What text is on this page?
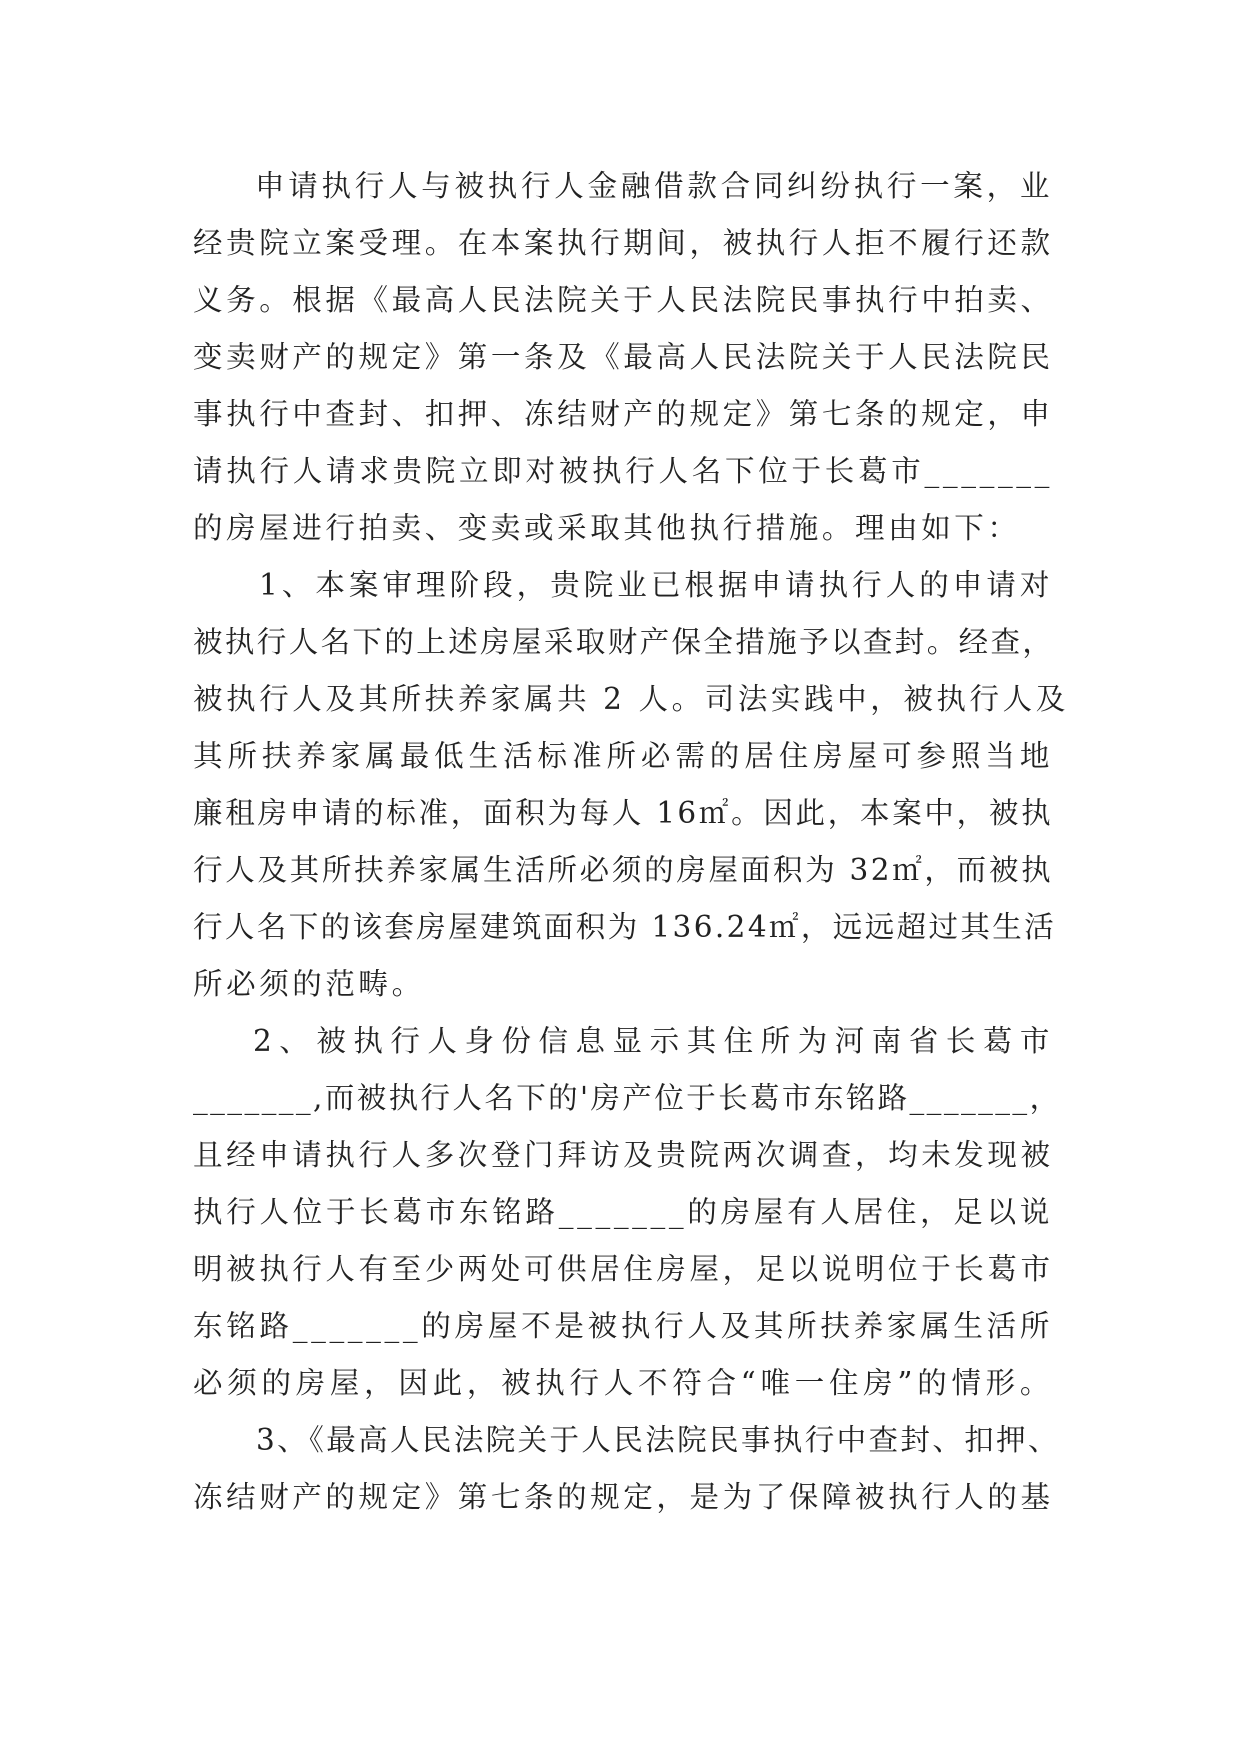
申请执行人与被执行人金融借款合同纠纷执行一案，业
经贵院立案受理。在本案执行期间，被执行人拒不履行还款
义务。根据《最高人民法院关于人民法院民事执行中拍卖、
变卖财产的规定》第一条及《最高人民法院关于人民法院民
事执行中查封、扣押、冻结财产的规定》第七条的规定，申
请执行人请求贵院立即对被执行人名下位于长葛市_______
的房屋进行拍卖、变卖或采取其他执行措施。理由如下：
1、本案审理阶段，贵院业已根据申请执行人的申请对
被执行人名下的上述房屋采取财产保全措施予以查封。经查，
被执行人及其所扶养家属共 2 人。司法实践中，被执行人及
其所扶养家属最低生活标准所必需的居住房屋可参照当地
廉租房申请的标准，面积为每人 16㎡。因此，本案中，被执
行人及其所扶养家属生活所必须的房屋面积为 32㎡，而被执
行人名下的该套房屋建筑面积为 136.24㎡，远远超过其生活
所必须的范畴。
2、被执行人身份信息显示其住所为河南省长葛市
_______,而被执行人名下的'房产位于长葛市东铭路_______，
且经申请执行人多次登门拜访及贵院两次调查，均未发现被
执行人位于长葛市东铭路_______的房屋有人居住，足以说
明被执行人有至少两处可供居住房屋，足以说明位于长葛市
东铭路_______的房屋不是被执行人及其所扶养家属生活所
必须的房屋，因此，被执行人不符合“唯一住房”的情形。
3、《最高人民法院关于人民法院民事执行中查封、扣押、
冻结财产的规定》第七条的规定，是为了保障被执行人的基
